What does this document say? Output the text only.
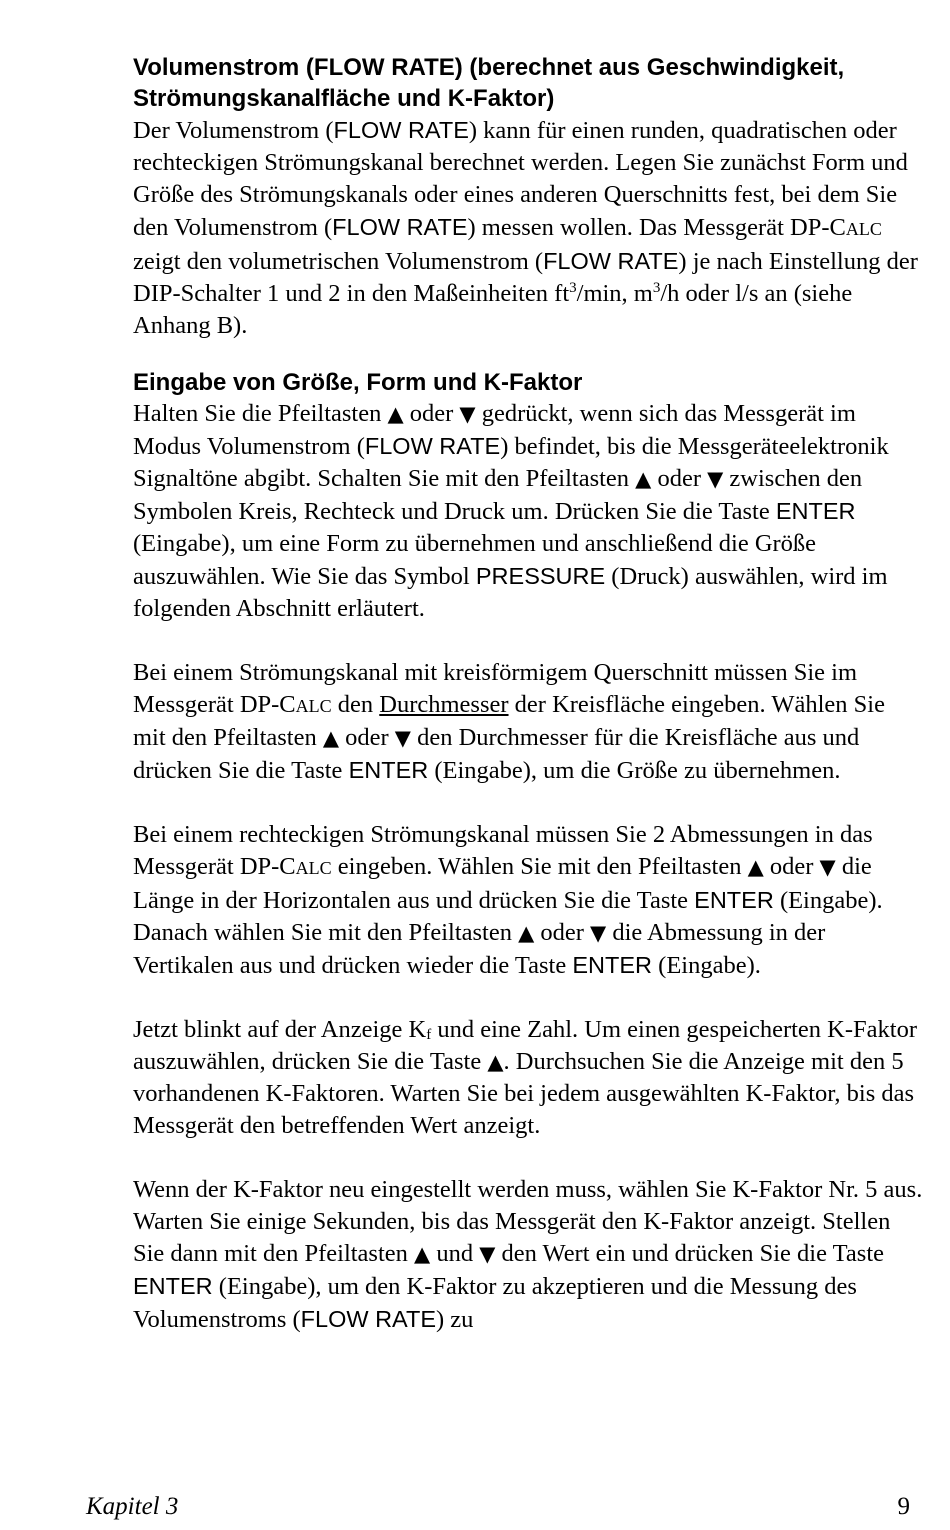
Volumenstrom (FLOW RATE) (berechnet aus Geschwindigkeit, Strömungskanalfläche und K-Faktor)
Der Volumenstrom (FLOW RATE) kann für einen runden, quadratischen oder rechteckigen Strömungskanal berechnet werden. Legen Sie zunächst Form und Größe des Strömungskanals oder eines anderen Querschnitts fest, bei dem Sie den Volumenstrom (FLOW RATE) messen wollen. Das Messgerät DP-CALC zeigt den volumetrischen Volumenstrom (FLOW RATE) je nach Einstellung der DIP-Schalter 1 und 2 in den Maßeinheiten $ft^3/\min$, $m^3/h$ oder l/s an (siehe Anhang B).
Eingabe von Größe, Form und K-Faktor
Halten Sie die Pfeiltasten ▲ oder ▼ gedrückt, wenn sich das Messgerät im Modus Volumenstrom (FLOW RATE) befindet, bis die Messgeräteelektronik Signaltöne abgibt. Schalten Sie mit den Pfeiltasten ▲ oder ▼ zwischen den Symbolen Kreis, Rechteck und Druck um. Drücken Sie die Taste ENTER (Eingabe), um eine Form zu übernehmen und anschließend die Größe auszuwählen. Wie Sie das Symbol PRESSURE (Druck) auswählen, wird im folgenden Abschnitt erläutert.

Bei einem Strömungskanal mit kreisförmigem Querschnitt müssen Sie im Messgerät DP-CALC den Durchmesser der Kreisfläche eingeben. Wählen Sie mit den Pfeiltasten ▲ oder ▼ den Durchmesser für die Kreisfläche aus und drücken Sie die Taste ENTER (Eingabe), um die Größe zu übernehmen.

Bei einem rechteckigen Strömungskanal müssen Sie 2 Abmessungen in das Messgerät DP-CALC eingeben. Wählen Sie mit den Pfeiltasten ▲ oder ▼ die Länge in der Horizontalen aus und drücken Sie die Taste ENTER (Eingabe). Danach wählen Sie mit den Pfeiltasten ▲ oder ▼ die Abmessung in der Vertikalen aus und drücken wieder die Taste ENTER (Eingabe).

Jetzt blinkt auf der Anzeige $K_f$ und eine Zahl. Um einen gespeicherten K-Faktor auszuwählen, drücken Sie die Taste ▲. Durchsuchen Sie die Anzeige mit den 5 vorhandenen K-Faktoren. Warten Sie bei jedem ausgewählten K-Faktor, bis das Messgerät den betreffenden Wert anzeigt.

Wenn der K-Faktor neu eingestellt werden muss, wählen Sie K-Faktor Nr. 5 aus. Warten Sie einige Sekunden, bis das Messgerät den K-Faktor anzeigt. Stellen Sie dann mit den Pfeiltasten ▲ und ▼ den Wert ein und drücken Sie die Taste ENTER (Eingabe), um den K-Faktor zu akzeptieren und die Messung des Volumenstroms (FLOW RATE) zu

Kapitel 3	9
